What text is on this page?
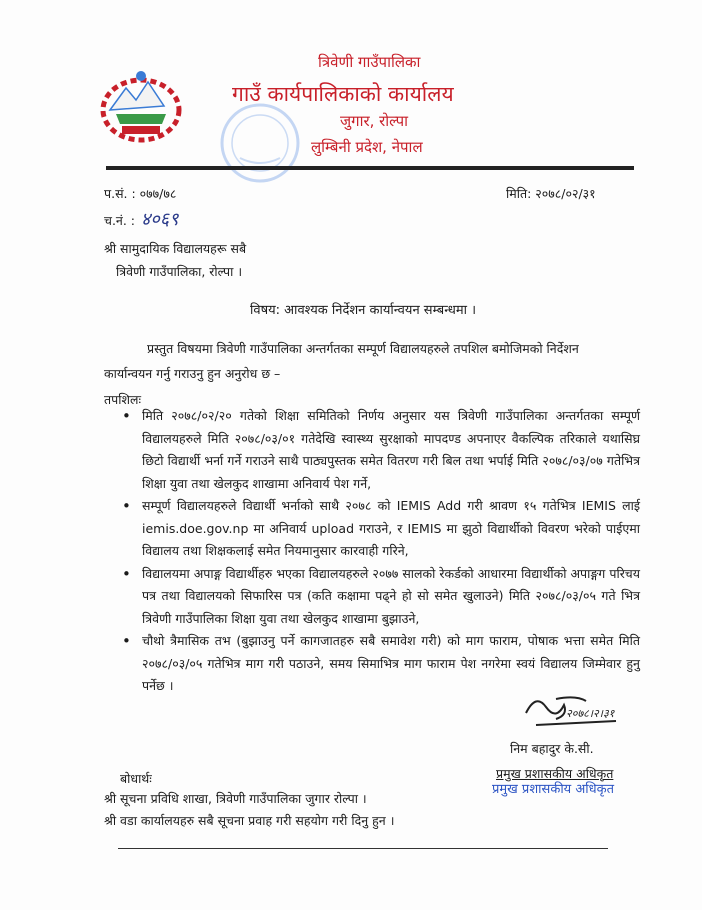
त्रिवेणी गाउँपालिका
गाउँ कार्यपालिकाको कार्यालय
जुगार, रोल्पा
लुम्बिनी प्रदेश, नेपाल
प.सं. : ०७७/७८
च.नं. : ४०६९
मिति: २०७८/०२/३१
श्री सामुदायिक विद्यालयहरू सबै
त्रिवेणी गाउँपालिका, रोल्पा ।
विषय: आवश्यक निर्देशन कार्यान्वयन सम्बन्धमा ।
प्रस्तुत विषयमा त्रिवेणी गाउँपालिका अन्तर्गतका सम्पूर्ण विद्यालयहरुले तपशिल बमोजिमको निर्देशन
कार्यान्वयन गर्नु गराउनु हुन अनुरोध छ –
तपशिलः
• मिति २०७८/०२/२० गतेको शिक्षा समितिको निर्णय अनुसार यस त्रिवेणी गाउँपालिका अन्तर्गतका सम्पूर्ण विद्यालयहरुले मिति २०७८/०३/०१ गतेदेखि स्वास्थ्य सुरक्षाको मापदण्ड अपनाएर वैकल्पिक तरिकाले यथासिघ्र छिटो विद्यार्थी भर्ना गर्ने गराउने साथै पाठ्यपुस्तक समेत वितरण गरी बिल तथा भर्पाई मिति २०७८/०३/०७ गतेभित्र शिक्षा युवा तथा खेलकुद शाखामा अनिवार्य पेश गर्ने,
• सम्पूर्ण विद्यालयहरुले विद्यार्थी भर्नाको साथै २०७८ को IEMIS Add गरी श्रावण १५ गतेभित्र IEMIS लाई iemis.doe.gov.np मा अनिवार्य upload गराउने, र IEMIS मा झुठो विद्यार्थीको विवरण भरेको पाईएमा विद्यालय तथा शिक्षकलाई समेत नियमानुसार कारवाही गरिने,
• विद्यालयमा अपाङ्ग विद्यार्थीहरु भएका विद्यालयहरुले २०७७ सालको रेकर्डको आधारमा विद्यार्थीको अपाङ्गग परिचय पत्र तथा विद्यालयको सिफारिस पत्र (कति कक्षामा पढ्ने हो सो समेत खुलाउने) मिति २०७८/०३/०५ गते भित्र त्रिवेणी गाउँपालिका शिक्षा युवा तथा खेलकुद शाखामा बुझाउने,
• चौथो त्रैमासिक तभ (बुझाउनु पर्ने कागजातहरु सबै समावेश गरी) को माग फाराम, पोषाक भत्ता समेत मिति २०७८/०३/०५ गतेभित्र माग गरी पठाउने, समय सिमाभित्र माग फाराम पेश नगरेमा स्वयं विद्यालय जिम्मेवार हुनु पर्नेछ ।
२०७८।२।३१
निम बहादुर के.सी.
प्रमुख प्रशासकीय अधिकृत
प्रमुख प्रशासकीय अधिकृत
बोधार्थः
श्री सूचना प्रविधि शाखा, त्रिवेणी गाउँपालिका जुगार रोल्पा ।
श्री वडा कार्यालयहरु सबै सूचना प्रवाह गरी सहयोग गरी दिनु हुन ।
